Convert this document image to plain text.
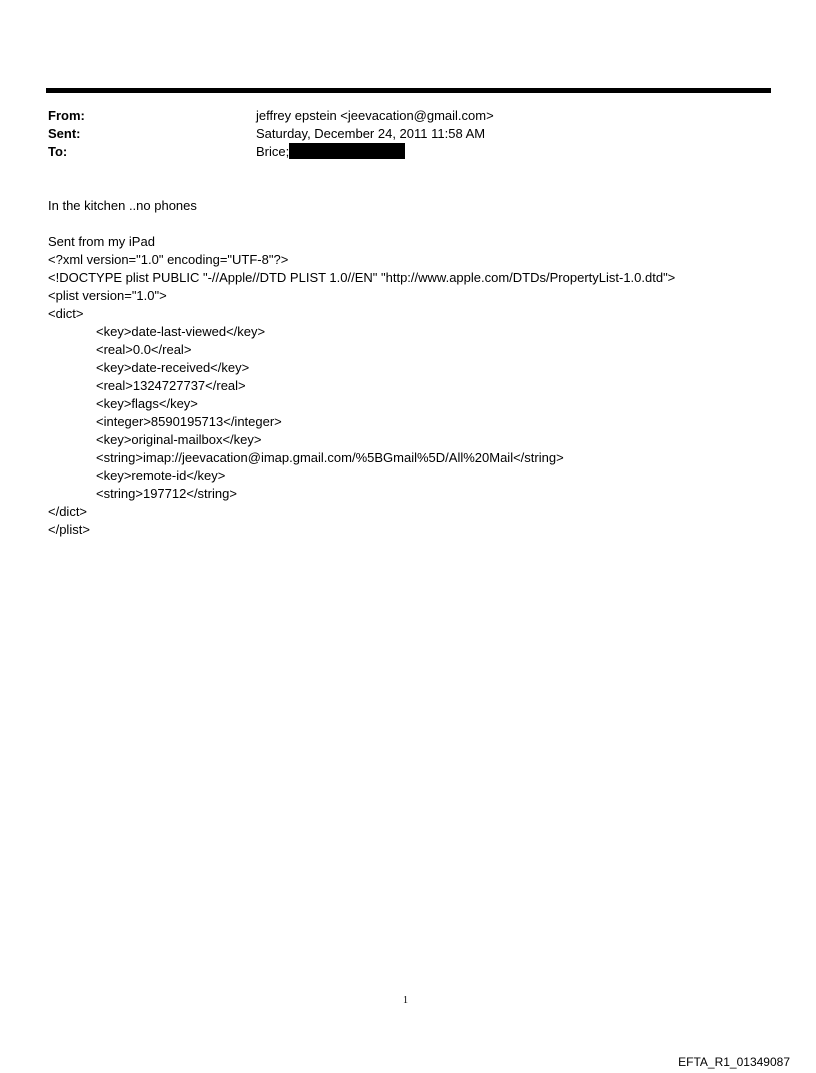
From:	jeffrey epstein <jeevacation@gmail.com>
Sent:	Saturday, December 24, 2011 11:58 AM
To:	Brice;
In the kitchen ..no phones
Sent from my iPad
<?xml version="1.0" encoding="UTF-8"?>
<!DOCTYPE plist PUBLIC "-//Apple//DTD PLIST 1.0//EN" "http://www.apple.com/DTDs/PropertyList-1.0.dtd">
<plist version="1.0">
<dict>
<key>date-last-viewed</key>
<real>0.0</real>
<key>date-received</key>
<real>1324727737</real>
<key>flags</key>
<integer>8590195713</integer>
<key>original-mailbox</key>
<string>imap://jeevacation@imap.gmail.com/%5BGmail%5D/All%20Mail</string>
<key>remote-id</key>
<string>197712</string>
</dict>
</plist>
1
EFTA_R1_01349087
